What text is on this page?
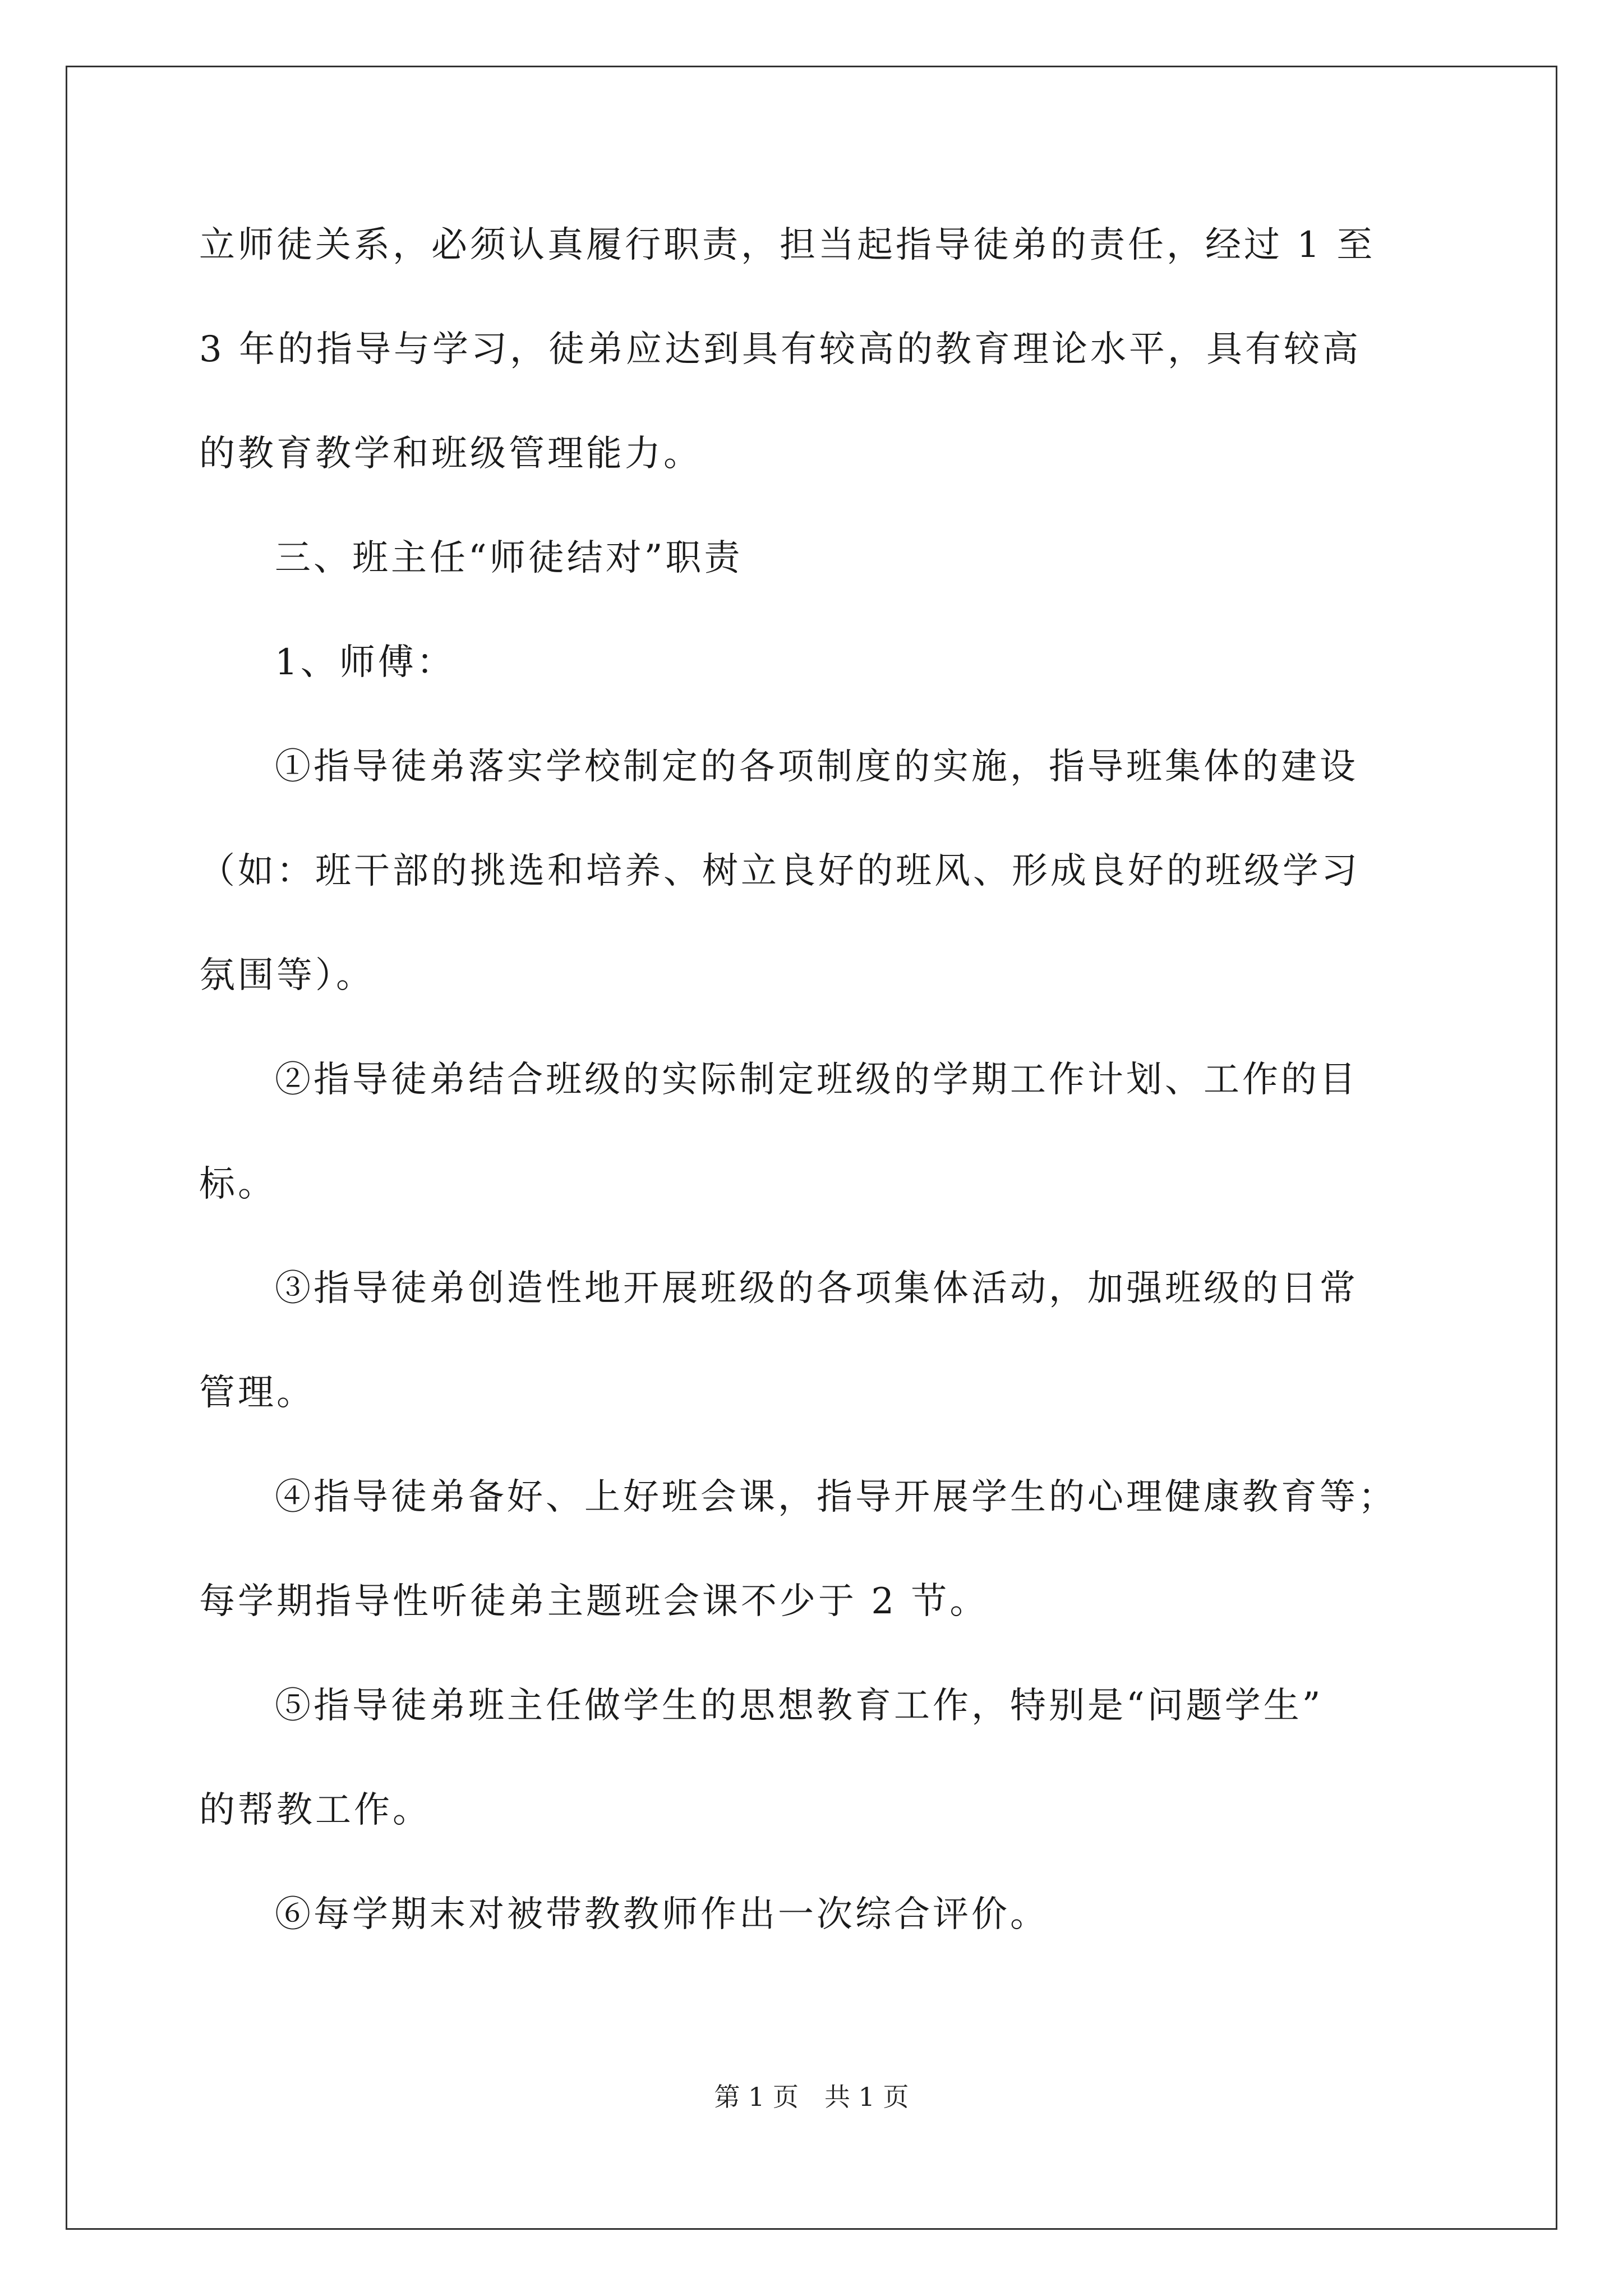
立师徒关系，必须认真履行职责，担当起指导徒弟的责任，经过 1 至
3 年的指导与学习，徒弟应达到具有较高的教育理论水平，具有较高
的教育教学和班级管理能力。
三、班主任“师徒结对”职责
1、师傅：
①指导徒弟落实学校制定的各项制度的实施，指导班集体的建设
（如：班干部的挑选和培养、树立良好的班风、形成良好的班级学习
氛围等）。
②指导徒弟结合班级的实际制定班级的学期工作计划、工作的目
标。
③指导徒弟创造性地开展班级的各项集体活动，加强班级的日常
管理。
④指导徒弟备好、上好班会课，指导开展学生的心理健康教育等；
每学期指导性听徒弟主题班会课不少于 2 节。
⑤指导徒弟班主任做学生的思想教育工作，特别是“问题学生”
的帮教工作。
⑥每学期末对被带教教师作出一次综合评价。
第 1 页　共 1 页
